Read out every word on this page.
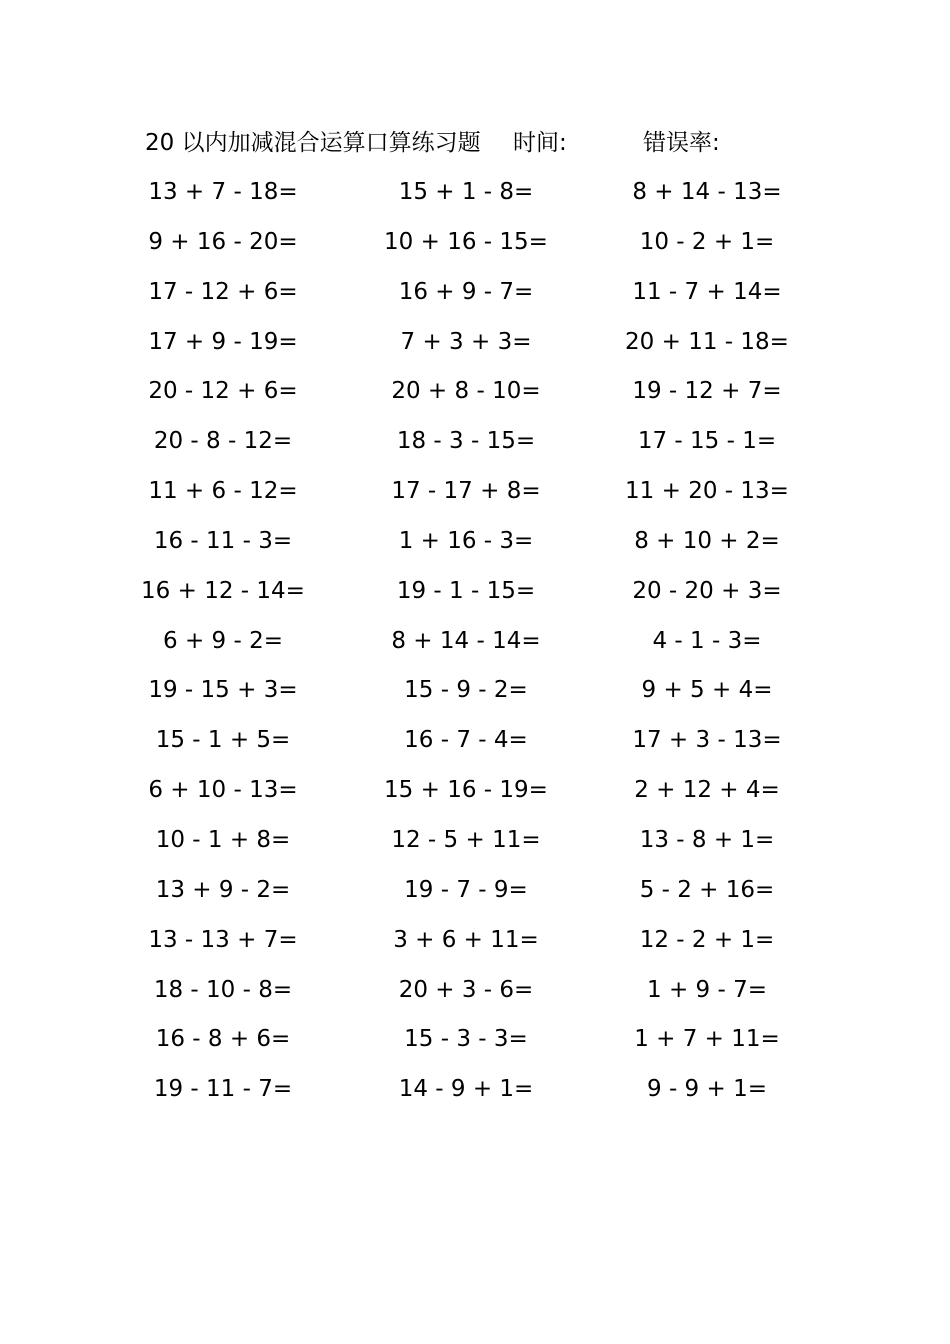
20 以内加减混合运算口算练习题 时间:	错误率:
13 + 7 - 18=
9 + 16 - 20=
17 - 12 + 6=
17 + 9 - 19=
20 - 12 + 6=
20 - 8 - 12=
11 + 6 - 12=
16 - 11 - 3=
16 + 12 - 14=
6 + 9 - 2=
19 - 15 + 3=
15 - 1 + 5=
6 + 10 - 13=
10 - 1 + 8=
13 + 9 - 2=
13 - 13 + 7=
18 - 10 - 8=
16 - 8 + 6=
19 - 11 - 7=
15 + 1 - 8=
10 + 16 - 15=
16 + 9 - 7=
7 + 3 + 3=
20 + 8 - 10=
18 - 3 - 15=
17 - 17 + 8=
1 + 16 - 3=
19 - 1 - 15=
8 + 14 - 14=
15 - 9 - 2=
16 - 7 - 4=
15 + 16 - 19=
12 - 5 + 11=
19 - 7 - 9=
3 + 6 + 11=
20 + 3 - 6=
15 - 3 - 3=
14 - 9 + 1=
8 + 14 - 13=
10 - 2 + 1=
11 - 7 + 14=
20 + 11 - 18=
19 - 12 + 7=
17 - 15 - 1=
11 + 20 - 13=
8 + 10 + 2=
20 - 20 + 3=
4 - 1 - 3=
9 + 5 + 4=
17 + 3 - 13=
2 + 12 + 4=
13 - 8 + 1=
5 - 2 + 16=
12 - 2 + 1=
1 + 9 - 7=
1 + 7 + 11=
9 - 9 + 1=
